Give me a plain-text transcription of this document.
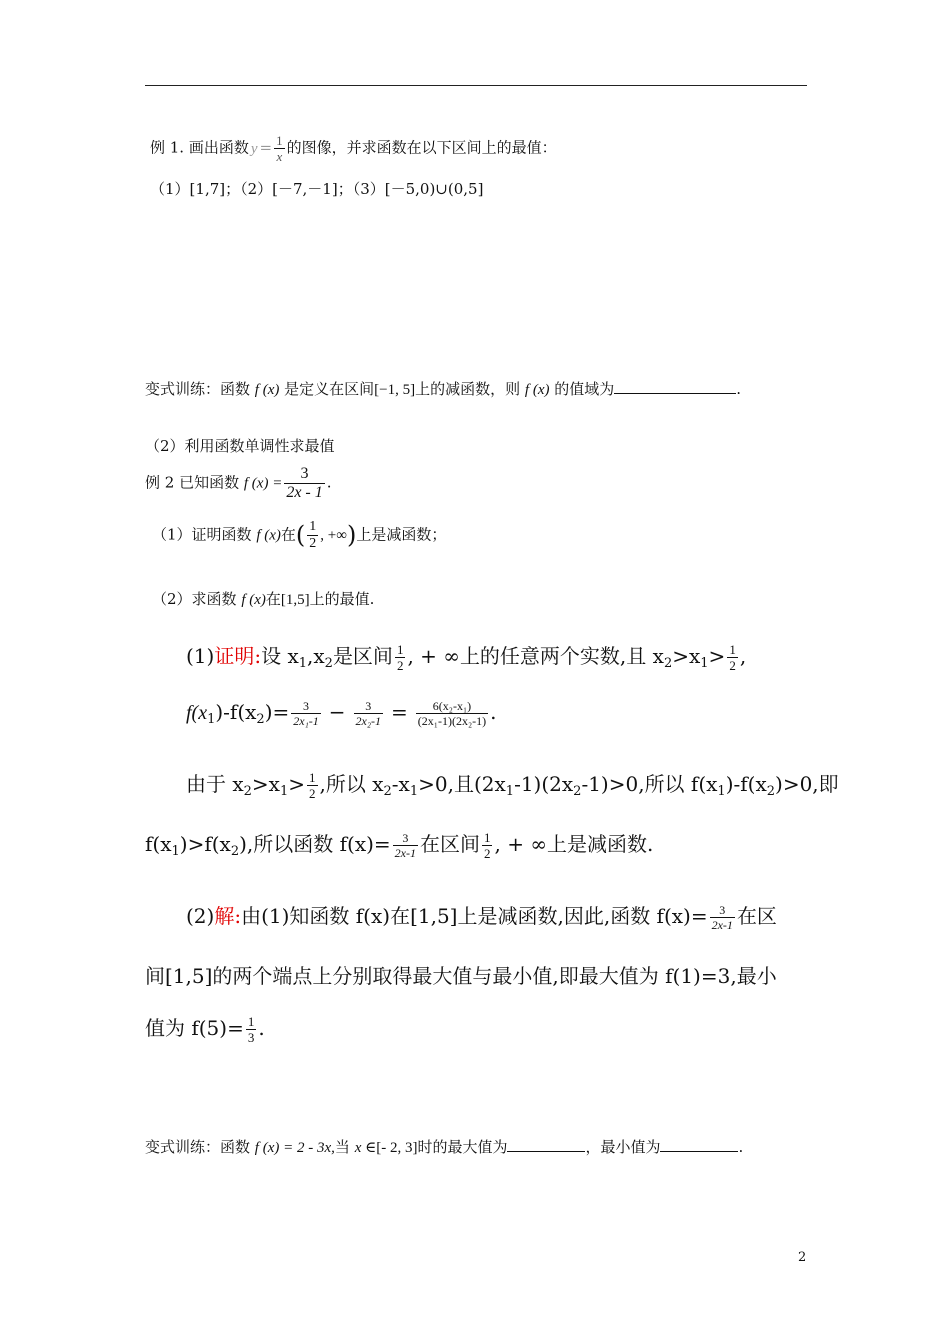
例 1. 画出函数 $y = \frac{1}{x}$ 的图像，并求函数在以下区间上的最值：
（1）[1,7]；（2）[－7,－1]；（3）[－5,0)∪(0,5]
变式训练：函数 f (x) 是定义在区间[−1, 5]上的减函数，则 f (x) 的值域为	.
（2）利用函数单调性求最值
例 2 已知函数 f $(x) = \frac{3}{2x - 1}$ .
（1）证明函数 f (x)在( $\frac{1}{2}$ , +∞)上是减函数；
（2）求函数 f (x)在[1,5]上的最值.
(1)证明:设 $x_1,x_2$是区间 $\frac{1}{2}$ , + ∞上的任意两个实数,且 $x_2>x_1> \frac{1}{2}$ ,
$f(x_1)-f(x_2)= \frac{3}{\text{2x₁-1}} - \frac{3}{\text{2x₂-1}} = \frac{\text{6(x₂-x₁)}}{\text{(2x₁-1)(2x₂-1)}}$ .
由于 $x_2>x_1> \frac{1}{2}$ ,所以 $x_2-x_1>0$,且$(2x_1-1)(2x_2-1)>0$,所以 $f(x_1)-f(x_2)>0$,即
$f(x_1)>f(x_2)$,所以函数 $f(x)= \frac{3}{2x-1}$ 在区间 $\frac{1}{2}$ , + ∞上是减函数.
(2)解:由(1)知函数 f(x)在[1,5]上是减函数,因此,函数 $f(x)= \frac{3}{2x-1}$ 在区
间[1,5]的两个端点上分别取得最大值与最小值,即最大值为 f(1)=3,最小
值为 $f(5)= \frac{1}{3}$ .
变式训练：函数 f (x) = 2 - 3x,当 x ∈[- 2, 3]时的最大值为	，最小值为	.
2
